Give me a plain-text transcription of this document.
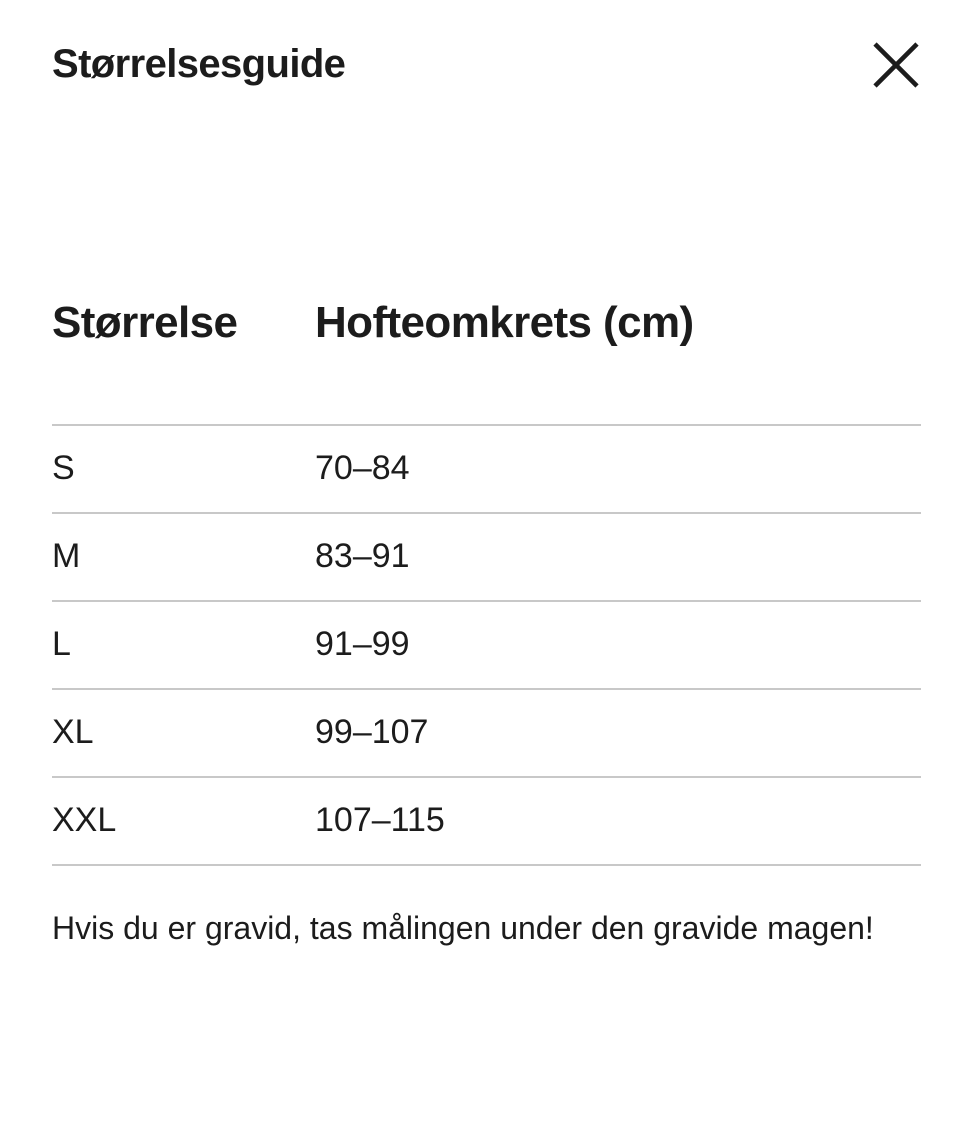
Størrelsesguide
Størrelse	Hofteomkrets (cm)
S	70–84
M	83–91
L	91–99
XL	99–107
XXL	107–115

Hvis du er gravid, tas målingen under den gravide magen!
